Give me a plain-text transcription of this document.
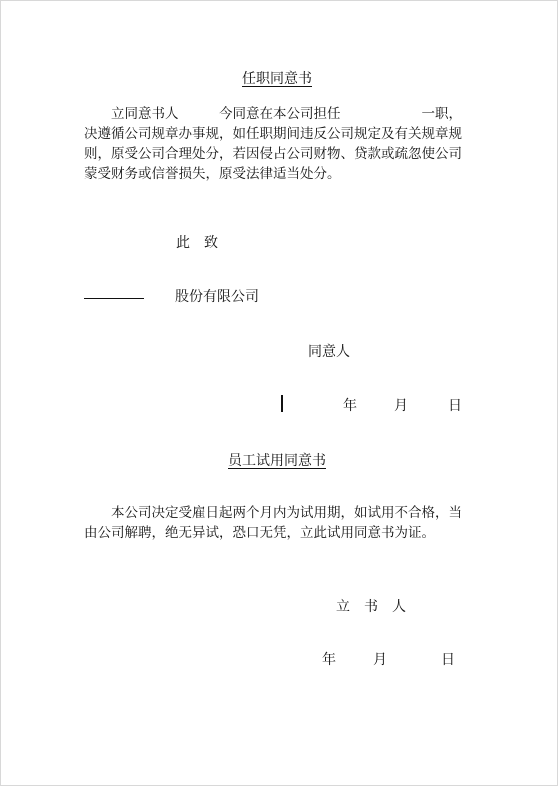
任职同意书
　　立同意书人　　　今同意在本公司担任　　　　　　一职，
决遵循公司规章办事规，如任职期间违反公司规定及有关规章规
则，原受公司合理处分，若因侵占公司财物、贷款或疏忽使公司
蒙受财务或信誉损失，原受法律适当处分。
此　致
股份有限公司
同意人
年	月	日
员工试用同意书
　　本公司决定受雇日起两个月内为试用期，如试用不合格，当
由公司解聘，绝无异试，恐口无凭，立此试用同意书为证。
立　书　人
年	月	日
